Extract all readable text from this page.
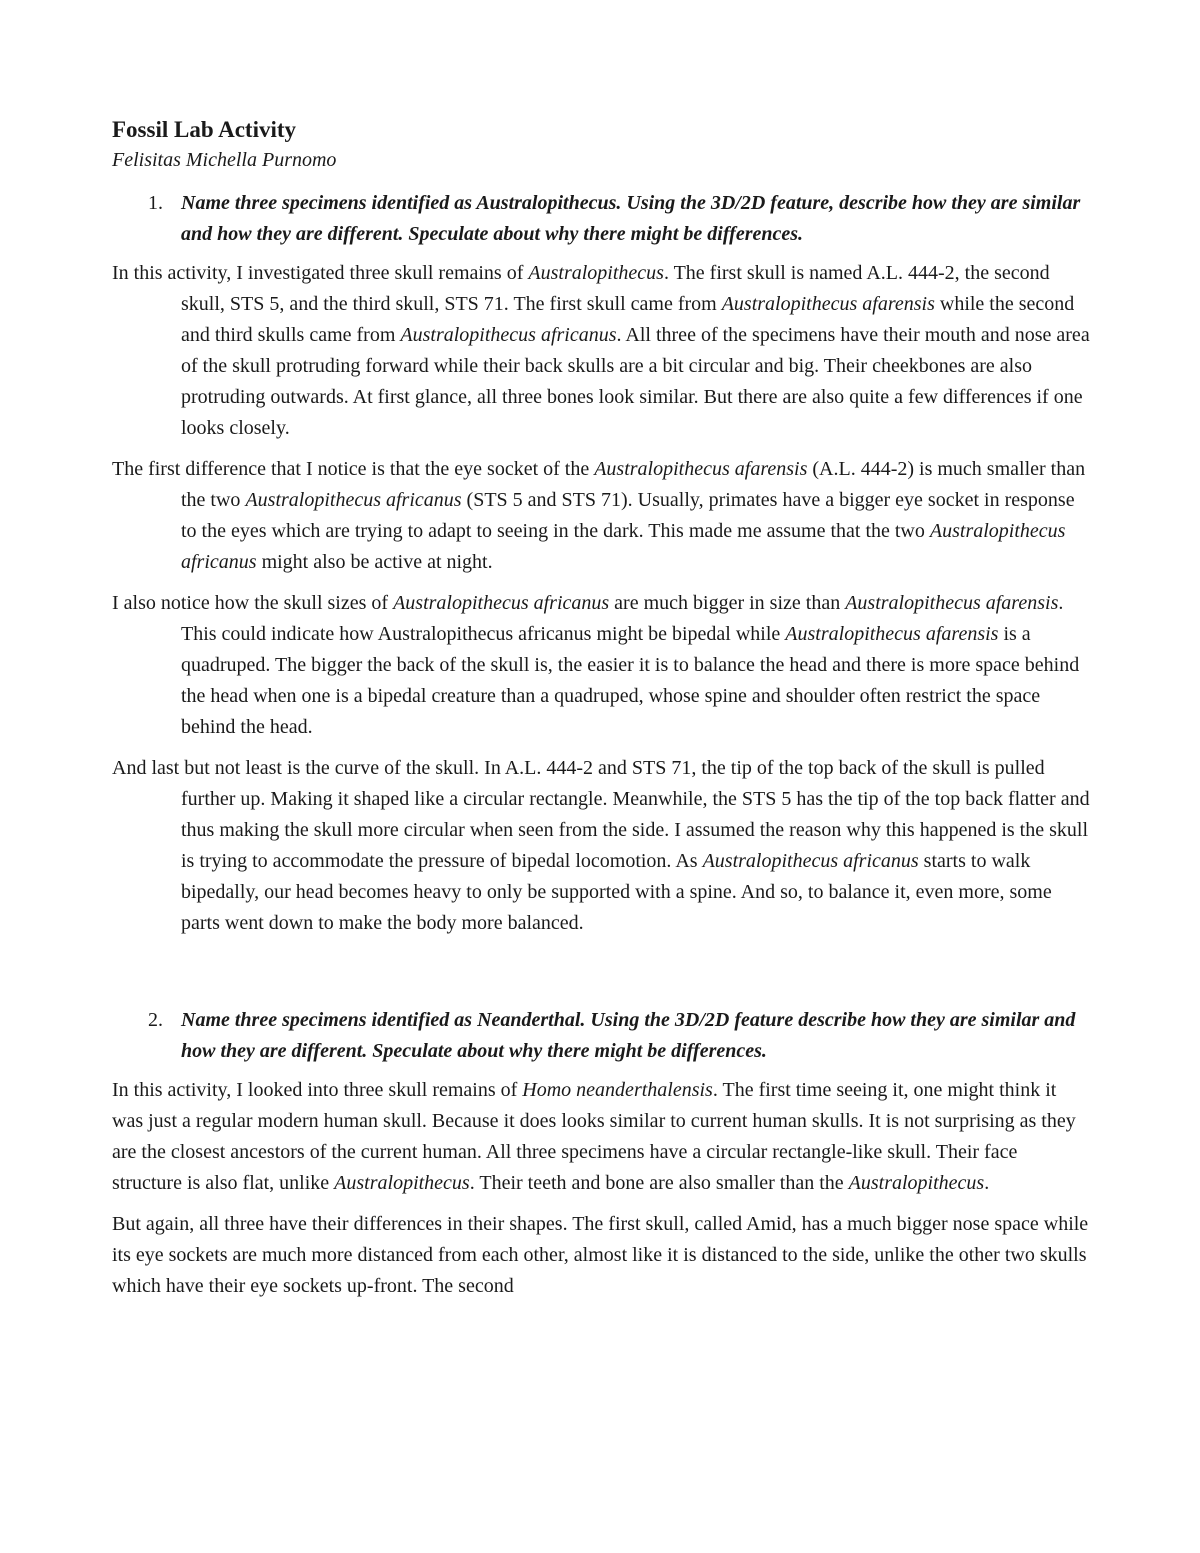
Fossil Lab Activity

Felisitas Michella Purnomo

1. Name three specimens identified as Australopithecus. Using the 3D/2D feature, describe how they are similar and how they are different. Speculate about why there might be differences.

In this activity, I investigated three skull remains of Australopithecus. The first skull is named A.L. 444-2, the second skull, STS 5, and the third skull, STS 71. The first skull came from Australopithecus afarensis while the second and third skulls came from Australopithecus africanus. All three of the specimens have their mouth and nose area of the skull protruding forward while their back skulls are a bit circular and big. Their cheekbones are also protruding outwards. At first glance, all three bones look similar. But there are also quite a few differences if one looks closely.

The first difference that I notice is that the eye socket of the Australopithecus afarensis (A.L. 444-2) is much smaller than the two Australopithecus africanus (STS 5 and STS 71). Usually, primates have a bigger eye socket in response to the eyes which are trying to adapt to seeing in the dark. This made me assume that the two Australopithecus africanus might also be active at night.

I also notice how the skull sizes of Australopithecus africanus are much bigger in size than Australopithecus afarensis. This could indicate how Australopithecus africanus might be bipedal while Australopithecus afarensis is a quadruped. The bigger the back of the skull is, the easier it is to balance the head and there is more space behind the head when one is a bipedal creature than a quadruped, whose spine and shoulder often restrict the space behind the head.

And last but not least is the curve of the skull. In A.L. 444-2 and STS 71, the tip of the top back of the skull is pulled further up. Making it shaped like a circular rectangle. Meanwhile, the STS 5 has the tip of the top back flatter and thus making the skull more circular when seen from the side. I assumed the reason why this happened is the skull is trying to accommodate the pressure of bipedal locomotion. As Australopithecus africanus starts to walk bipedally, our head becomes heavy to only be supported with a spine. And so, to balance it, even more, some parts went down to make the body more balanced.

2. Name three specimens identified as Neanderthal. Using the 3D/2D feature describe how they are similar and how they are different. Speculate about why there might be differences.

In this activity, I looked into three skull remains of Homo neanderthalensis. The first time seeing it, one might think it was just a regular modern human skull. Because it does looks similar to current human skulls. It is not surprising as they are the closest ancestors of the current human. All three specimens have a circular rectangle-like skull. Their face structure is also flat, unlike Australopithecus. Their teeth and bone are also smaller than the Australopithecus.

But again, all three have their differences in their shapes. The first skull, called Amid, has a much bigger nose space while its eye sockets are much more distanced from each other, almost like it is distanced to the side, unlike the other two skulls which have their eye sockets up-front. The second
